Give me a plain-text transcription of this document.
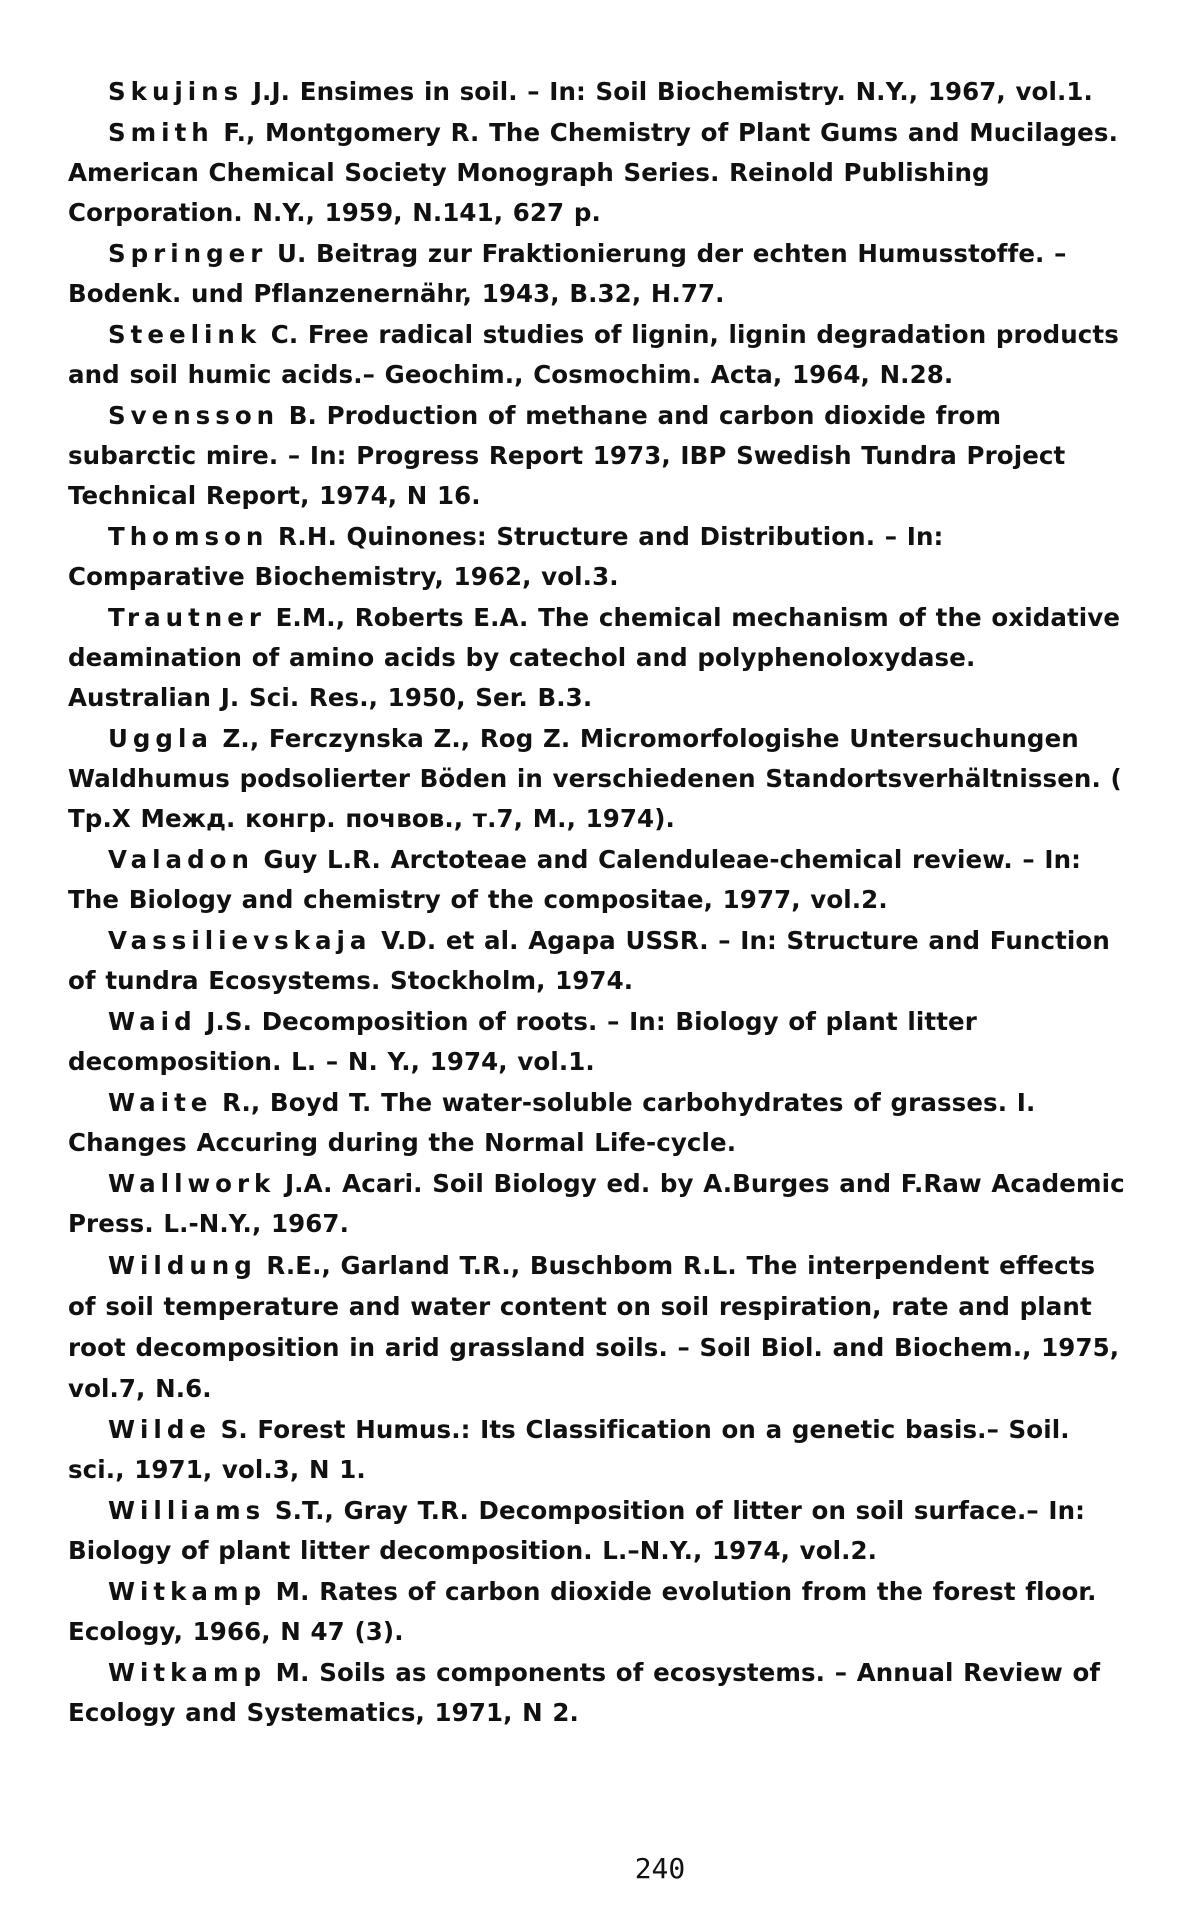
Skujins J.J. Ensimes in soil. – In: Soil Biochemistry. N.Y., 1967, vol.1.

Smith F., Montgomery R. The Chemistry of Plant Gums and Mucilages. American Chemical Society Monograph Series. Reinold Publishing Corporation. N.Y., 1959, N.141, 627 p.

Springer U. Beitrag zur Fraktionierung der echten Humusstoffe. – Bodenk. und Pflanzenernähr, 1943, B.32, H.77.

Steelink C. Free radical studies of lignin, lignin degradation products and soil humic acids.– Geochim., Cosmochim. Acta, 1964, N.28.

Svensson B. Production of methane and carbon dioxide from subarctic mire. – In: Progress Report 1973, IBP Swedish Tundra Project Technical Report, 1974, N 16.

Thomson R.H. Quinones: Structure and Distribution. – In: Comparative Biochemistry, 1962, vol.3.

Trautner E.M., Roberts E.A. The chemical mechanism of the oxidative deamination of amino acids by catechol and polyphenoloxydase. Australian J. Sci. Res., 1950, Ser. B.3.

Uggla Z., Ferczynska Z., Rog Z. Micromorfologishe Untersuchungen Waldhumus podsolierter Böden in verschiedenen Standortsverhältnissen. ( Тр.X Межд. конгр. почвов., т.7, М., 1974).

Valadon Guy L.R. Arctoteae and Calenduleae-chemical review. – In: The Biology and chemistry of the compositae, 1977, vol.2.

Vassilievskaja V.D. et al. Agapa USSR. – In: Structure and Function of tundra Ecosystems. Stockholm, 1974.

Waid J.S. Decomposition of roots. – In: Biology of plant litter decomposition. L. – N. Y., 1974, vol.1.

Waite R., Boyd T. The water-soluble carbohydrates of grasses. I. Changes Accuring during the Normal Life-cycle.

Wallwork J.A. Acari. Soil Biology ed. by A.Burges and F.Raw Academic Press. L.-N.Y., 1967.

Wildung R.E., Garland T.R., Buschbom R.L. The interpendent effects of soil temperature and water content on soil respiration, rate and plant root decomposition in arid grassland soils. – Soil Biol. and Biochem., 1975, vol.7, N.6.

Wilde S. Forest Humus.: Its Classification on a genetic basis.– Soil. sci., 1971, vol.3, N 1.

Williams S.T., Gray T.R. Decomposition of litter on soil surface.– In: Biology of plant litter decomposition. L.–N.Y., 1974, vol.2.

Witkamp M. Rates of carbon dioxide evolution from the forest floor. Ecology, 1966, N 47 (3).

Witkamp M. Soils as components of ecosystems. – Annual Review of Ecology and Systematics, 1971, N 2.

240
